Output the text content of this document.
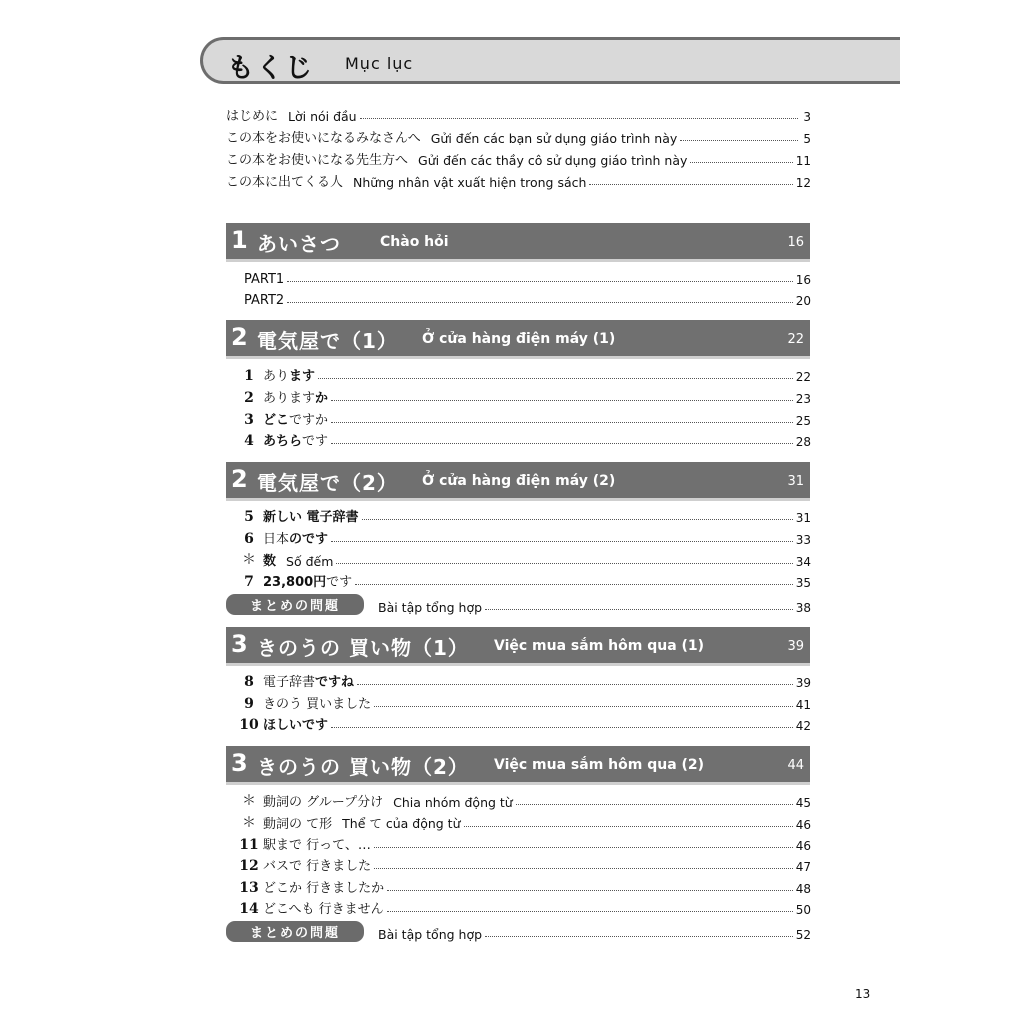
もくじ Mục lục
はじめに Lời nói đầu	3
この本をお使いになるみなさんへ Gửi đến các bạn sử dụng giáo trình này	5
この本をお使いになる先生方へ Gửi đến các thầy cô sử dụng giáo trình này	11
この本に出てくる人 Những nhân vật xuất hiện trong sách	12
1 あいさつ	Chào hỏi	16
PART1	16
PART2	20
2 電気屋で（1） Ở cửa hàng điện máy (1)	22
1 あります	22
2 ありますか	23
3 どこですか	25
4 あちらです	28
2 電気屋で（2） Ở cửa hàng điện máy (2)	31
5 新しい 電子辞書	31
6 日本のです	33
＊ 数 Số đếm	34
7 23,800円です	35
まとめの問題	Bài tập tổng hợp	38
3 きのうの 買い物（1） Việc mua sắm hôm qua (1)	39
8 電子辞書ですね	39
9 きのう 買いました	41
10 ほしいです	42
3 きのうの 買い物（2） Việc mua sắm hôm qua (2)	44
＊ 動詞の グループ分け Chia nhóm động từ	45
＊ 動詞の て形 Thể て của động từ	46
11 駅まで 行って、…	46
12 バスで 行きました	47
13 どこか 行きましたか	48
14 どこへも 行きません	50
まとめの問題	Bài tập tổng hợp	52
13
